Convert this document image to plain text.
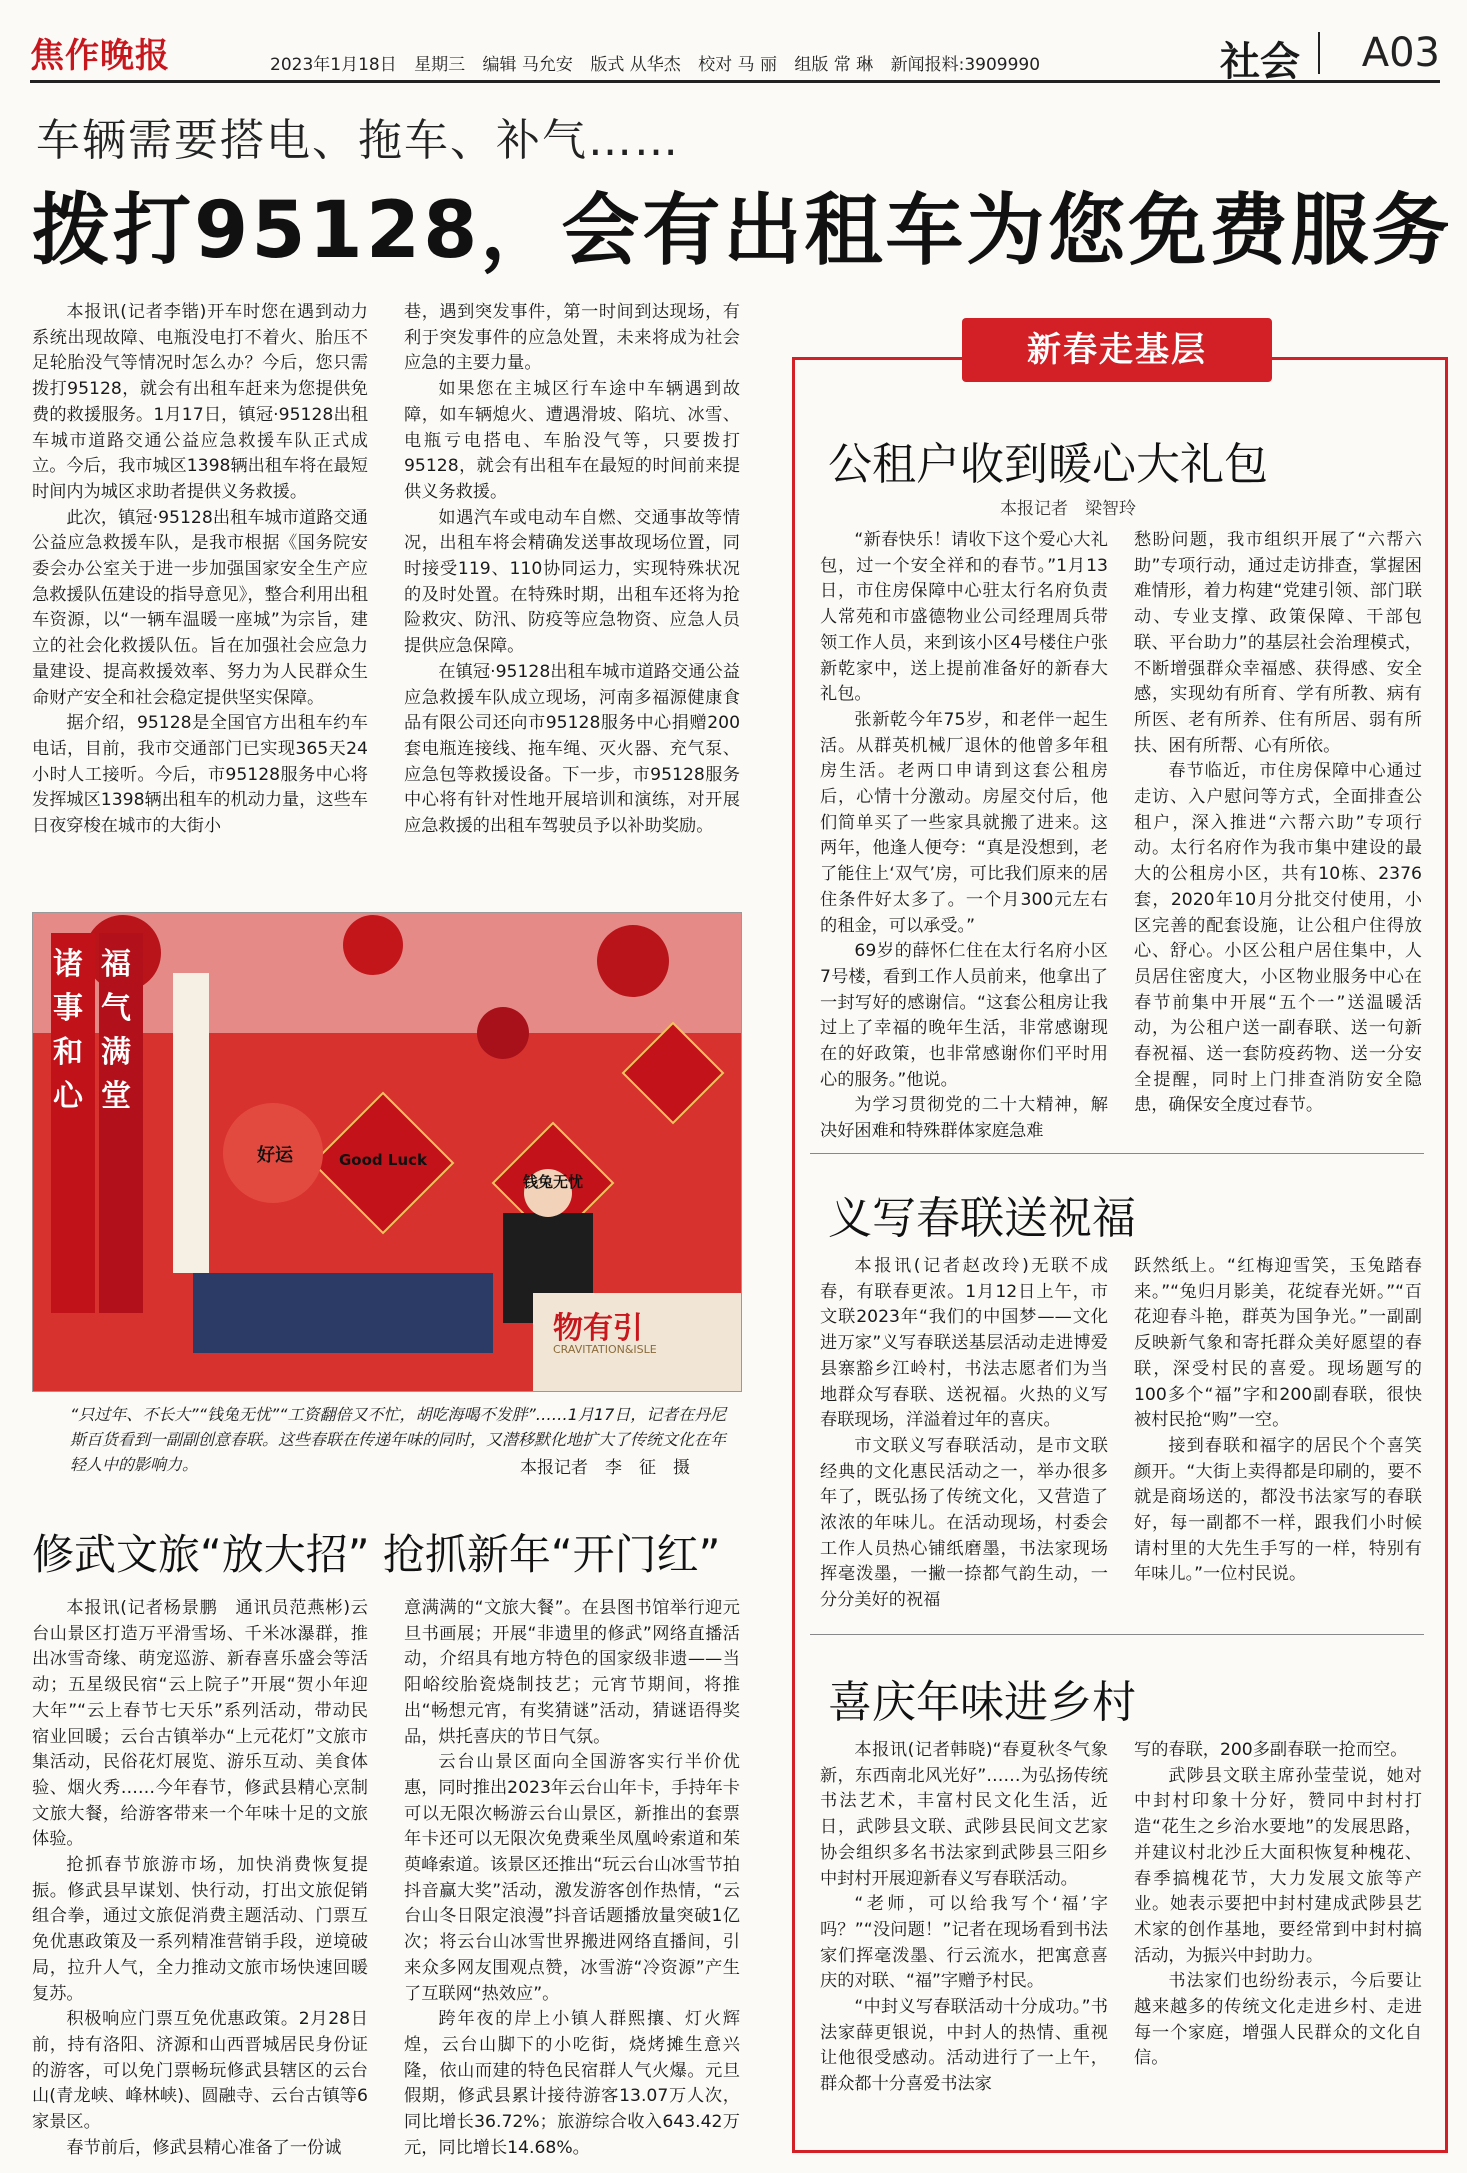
焦作晚报	2023年1月18日 星期三 编辑 马允安 版式 从华杰 校对 马 丽 组版 常 琳 新闻报料:3909990	社会 A03
车辆需要搭电、拖车、补气……
拨打95128，会有出租车为您免费服务

本报讯(记者李锴)开车时您在遇到动力系统出现故障、电瓶没电打不着火、胎压不足轮胎没气等情况时怎么办？今后，您只需拨打95128，就会有出租车赶来为您提供免费的救援服务。1月17日，镇冠·95128出租车城市道路交通公益应急救援车队正式成立。今后，我市城区1398辆出租车将在最短时间内为城区求助者提供义务救援。

此次，镇冠·95128出租车城市道路交通公益应急救援车队，是我市根据《国务院安委会办公室关于进一步加强国家安全生产应急救援队伍建设的指导意见》，整合利用出租车资源，以“一辆车温暖一座城”为宗旨，建立的社会化救援队伍。旨在加强社会应急力量建设、提高救援效率、努力为人民群众生命财产安全和社会稳定提供坚实保障。

据介绍，95128是全国官方出租车约车电话，目前，我市交通部门已实现365天24小时人工接听。今后，市95128服务中心将发挥城区1398辆出租车的机动力量，这些车日夜穿梭在城市的大街小

巷，遇到突发事件，第一时间到达现场，有利于突发事件的应急处置，未来将成为社会应急的主要力量。

如果您在主城区行车途中车辆遇到故障，如车辆熄火、遭遇滑坡、陷坑、冰雪、电瓶亏电搭电、车胎没气等，只要拨打95128，就会有出租车在最短的时间前来提供义务救援。

如遇汽车或电动车自燃、交通事故等情况，出租车将会精确发送事故现场位置，同时接受119、110协同运力，实现特殊状况的及时处置。在特殊时期，出租车还将为抢险救灾、防汛、防疫等应急物资、应急人员提供应急保障。

在镇冠·95128出租车城市道路交通公益应急救援车队成立现场，河南多福源健康食品有限公司还向市95128服务中心捐赠200套电瓶连接线、拖车绳、灭火器、充气泵、应急包等救援设备。下一步，市95128服务中心将有针对性地开展培训和演练，对开展应急救援的出租车驾驶员予以补助奖励。

诸事和心
福气满堂
好运	Good Luck
钱兔无忧
物有引
CRAVITATION&ISLE
“只过年、不长大”“钱兔无忧”“工资翻倍又不忙，胡吃海喝不发胖”……1月17日，记者在丹尼斯百货看到一副副创意春联。这些春联在传递年味的同时，又潜移默化地扩大了传统文化在年轻人中的影响力。	本报记者　李　征　摄
修武文旅“放大招” 抢抓新年“开门红”

本报讯(记者杨景鹏　通讯员范燕彬)云台山景区打造万平滑雪场、千米冰瀑群，推出冰雪奇缘、萌宠巡游、新春喜乐盛会等活动；五星级民宿“云上院子”开展“贺小年迎大年”“云上春节七天乐”系列活动，带动民宿业回暖；云台古镇举办“上元花灯”文旅市集活动，民俗花灯展览、游乐互动、美食体验、烟火秀……今年春节，修武县精心烹制文旅大餐，给游客带来一个年味十足的文旅体验。

抢抓春节旅游市场，加快消费恢复提振。修武县早谋划、快行动，打出文旅促销组合拳，通过文旅促消费主题活动、门票互免优惠政策及一系列精准营销手段，逆境破局，拉升人气，全力推动文旅市场快速回暖复苏。

积极响应门票互免优惠政策。2月28日前，持有洛阳、济源和山西晋城居民身份证的游客，可以免门票畅玩修武县辖区的云台山(青龙峡、峰林峡)、圆融寺、云台古镇等6家景区。

春节前后，修武县精心准备了一份诚

意满满的“文旅大餐”。在县图书馆举行迎元旦书画展；开展“非遗里的修武”网络直播活动，介绍具有地方特色的国家级非遗——当阳峪绞胎瓷烧制技艺；元宵节期间，将推出“畅想元宵，有奖猜谜”活动，猜谜语得奖品，烘托喜庆的节日气氛。

云台山景区面向全国游客实行半价优惠，同时推出2023年云台山年卡，手持年卡可以无限次畅游云台山景区，新推出的套票年卡还可以无限次免费乘坐凤凰岭索道和茱萸峰索道。该景区还推出“玩云台山冰雪节拍抖音赢大奖”活动，激发游客创作热情，“云台山冬日限定浪漫”抖音话题播放量突破1亿次；将云台山冰雪世界搬进网络直播间，引来众多网友围观点赞，冰雪游“冷资源”产生了互联网“热效应”。

跨年夜的岸上小镇人群熙攘、灯火辉煌，云台山脚下的小吃街，烧烤摊生意兴隆，依山而建的特色民宿群人气火爆。元旦假期，修武县累计接待游客13.07万人次，同比增长36.72%；旅游综合收入643.42万元，同比增长14.68%。

新春走基层
公租户收到暖心大礼包
本报记者　梁智玲

“新春快乐！请收下这个爱心大礼包，过一个安全祥和的春节。”1月13日，市住房保障中心驻太行名府负责人常苑和市盛德物业公司经理周兵带领工作人员，来到该小区4号楼住户张新乾家中，送上提前准备好的新春大礼包。

张新乾今年75岁，和老伴一起生活。从群英机械厂退休的他曾多年租房生活。老两口申请到这套公租房后，心情十分激动。房屋交付后，他们简单买了一些家具就搬了进来。这两年，他逢人便夸：“真是没想到，老了能住上‘双气’房，可比我们原来的居住条件好太多了。一个月300元左右的租金，可以承受。”

69岁的薛怀仁住在太行名府小区7号楼，看到工作人员前来，他拿出了一封写好的感谢信。“这套公租房让我过上了幸福的晚年生活，非常感谢现在的好政策，也非常感谢你们平时用心的服务。”他说。

为学习贯彻党的二十大精神，解决好困难和特殊群体家庭急难

愁盼问题，我市组织开展了“六帮六助”专项行动，通过走访排查，掌握困难情形，着力构建“党建引领、部门联动、专业支撑、政策保障、干部包联、平台助力”的基层社会治理模式，不断增强群众幸福感、获得感、安全感，实现幼有所育、学有所教、病有所医、老有所养、住有所居、弱有所扶、困有所帮、心有所依。

春节临近，市住房保障中心通过走访、入户慰问等方式，全面排查公租户，深入推进“六帮六助”专项行动。太行名府作为我市集中建设的最大的公租房小区，共有10栋、2376套，2020年10月分批交付使用，小区完善的配套设施，让公租户住得放心、舒心。小区公租户居住集中，人员居住密度大，小区物业服务中心在春节前集中开展“五个一”送温暖活动，为公租户送一副春联、送一句新春祝福、送一套防疫药物、送一分安全提醒，同时上门排查消防安全隐患，确保安全度过春节。

义写春联送祝福

本报讯(记者赵改玲)无联不成春，有联春更浓。1月12日上午，市文联2023年“我们的中国梦——文化进万家”义写春联送基层活动走进博爱县寨豁乡江岭村，书法志愿者们为当地群众写春联、送祝福。火热的义写春联现场，洋溢着过年的喜庆。

市文联义写春联活动，是市文联经典的文化惠民活动之一，举办很多年了，既弘扬了传统文化，又营造了浓浓的年味儿。在活动现场，村委会工作人员热心铺纸磨墨，书法家现场挥毫泼墨，一撇一捺都气韵生动，一分分美好的祝福

跃然纸上。“红梅迎雪笑，玉兔踏春来。”“兔归月影美，花绽春光妍。”“百花迎春斗艳，群英为国争光。”一副副反映新气象和寄托群众美好愿望的春联，深受村民的喜爱。现场题写的100多个“福”字和200副春联，很快被村民抢“购”一空。

接到春联和福字的居民个个喜笑颜开。“大街上卖得都是印刷的，要不就是商场送的，都没书法家写的春联好，每一副都不一样，跟我们小时候请村里的大先生手写的一样，特别有年味儿。”一位村民说。

喜庆年味进乡村

本报讯(记者韩晓)“春夏秋冬气象新，东西南北风光好”……为弘扬传统书法艺术，丰富村民文化生活，近日，武陟县文联、武陟县民间文艺家协会组织多名书法家到武陟县三阳乡中封村开展迎新春义写春联活动。

“老师，可以给我写个‘福’字吗？”“没问题！”记者在现场看到书法家们挥毫泼墨、行云流水，把寓意喜庆的对联、“福”字赠予村民。

“中封义写春联活动十分成功。”书法家薛更银说，中封人的热情、重视让他很受感动。活动进行了一上午，群众都十分喜爱书法家

写的春联，200多副春联一抢而空。

武陟县文联主席孙莹莹说，她对中封村印象十分好，赞同中封村打造“花生之乡治水要地”的发展思路，并建议村北沙丘大面积恢复种槐花、春季搞槐花节，大力发展文旅等产业。她表示要把中封村建成武陟县艺术家的创作基地，要经常到中封村搞活动，为振兴中封助力。

书法家们也纷纷表示，今后要让越来越多的传统文化走进乡村、走进每一个家庭，增强人民群众的文化自信。
